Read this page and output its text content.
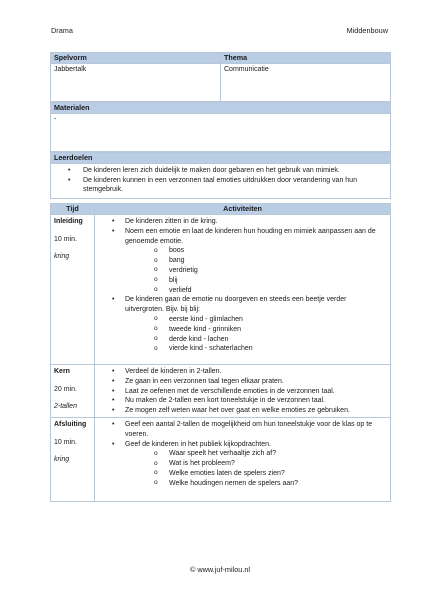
Drama	Middenbouw
Spelvorm	Thema
Jabbertalk	Communicatie
Materialen
-
Leerdoelen
• De kinderen leren zich duidelijk te maken door gebaren en het gebruik van mimiek.
• De kinderen kunnen in een verzonnen taal emoties uitdrukken door verandering van hun stemgebruik.
Tijd	Activiteiten
Inleiding
10 min.
kring
• De kinderen zitten in de kring.
• Noem een emotie en laat de kinderen hun houding en mimiek aanpassen aan de genoemde emotie.
o boos
o bang
o verdrietig
o blij
o verliefd
• De kinderen gaan de emotie nu doorgeven en steeds een beetje verder uitvergroten. Bijv. bij blij:
o eerste kind - glimlachen
o tweede kind - grinniken
o derde kind - lachen
o vierde kind - schaterlachen
Kern
20 min.
2-tallen
• Verdeel de kinderen in 2-tallen.
• Ze gaan in een verzonnen taal tegen elkaar praten.
• Laat ze oefenen met de verschillende emoties in de verzonnen taal.
• Nu maken de 2-tallen een kort toneelstukje in de verzonnen taal.
• Ze mogen zelf weten waar het over gaat en welke emoties ze gebruiken.
Afsluiting
10 min.
kring
• Geef een aantal 2-tallen de mogelijkheid om hun toneelstukje voor de klas op te voeren.
• Geef de kinderen in het publiek kijkopdrachten.
o Waar speelt het verhaaltje zich af?
o Wat is het probleem?
o Welke emoties laten de spelers zien?
o Welke houdingen nemen de spelers aan?
© www.juf-milou.nl
